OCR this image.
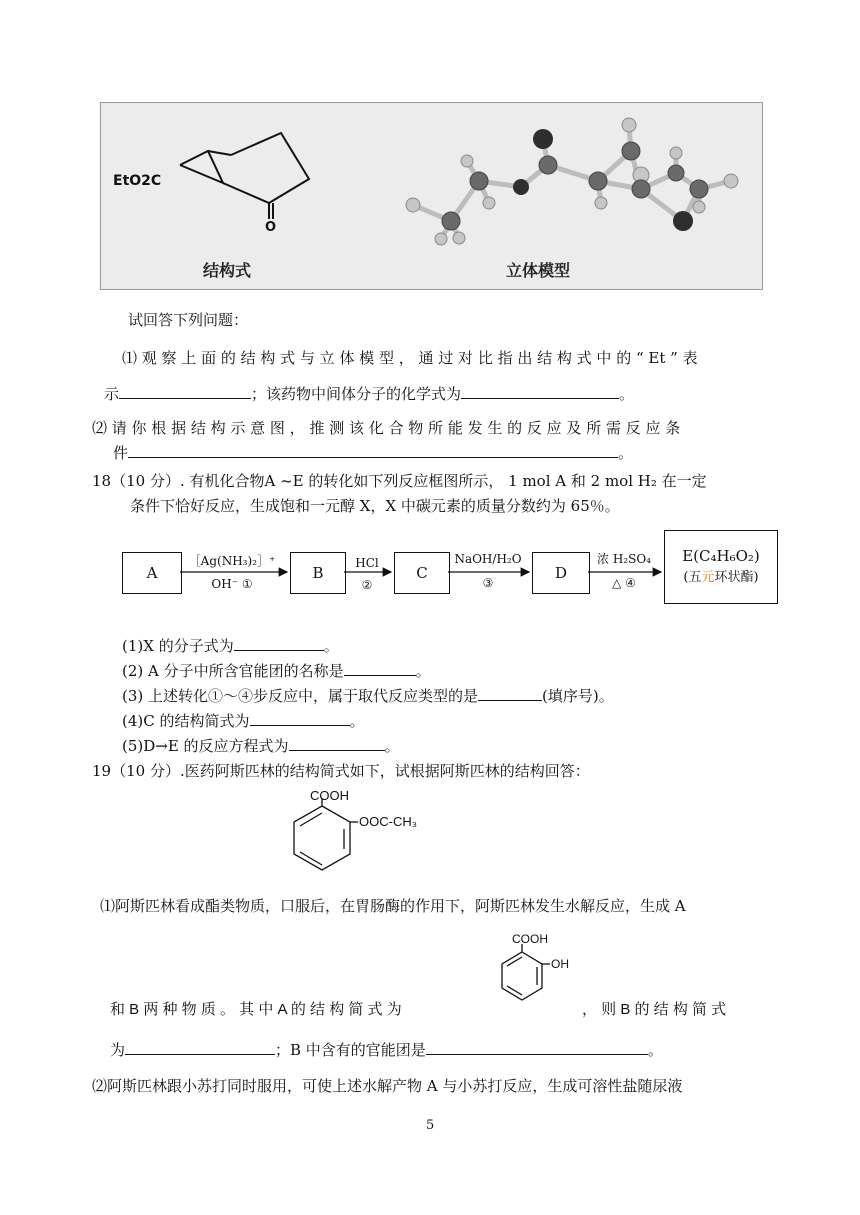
EtO2C
O
结构式	立体模型
试回答下列问题：
⑴ 观 察 上 面 的 结 构 式 与 立 体 模 型 ， 通 过 对 比 指 出 结 构 式 中 的 “ Et ” 表
示	；该药物中间体分子的化学式为	。
⑵ 请 你 根 据 结 构 示 意 图 ， 推 测 该 化 合 物 所 能 发 生 的 反 应 及 所 需 反 应 条
件	。
18（10 分）. 有机化合物A ~E 的转化如下列反应框图所示， 1 mol A 和 2 mol H₂ 在一定
条件下恰好反应，生成饱和一元醇 X，X 中碳元素的质量分数约为 65％。
A	B	C	D
E(C₄H₆O₂)
(五元环状酯)
［Ag(NH₃)₂］⁺
OH⁻ ①
HCl
②
NaOH/H₂O
③
浓 H₂SO₄
△ ④
(1)X 的分子式为	。
(2) A 分子中所含官能团的名称是	。
(3) 上述转化①～④步反应中，属于取代反应类型的是	(填序号)。
(4)C 的结构简式为	。
(5)D→E 的反应方程式为	。
19（10 分）.医药阿斯匹林的结构简式如下，试根据阿斯匹林的结构回答：
COOH
OOC-CH₃
⑴阿斯匹林看成酯类物质，口服后，在胃肠酶的作用下，阿斯匹林发生水解反应，生成 A
COOH
OH
和 B 两 种 物 质 。 其 中 A 的 结 构 简 式 为	， 则 B 的 结 构 简 式
为	；B 中含有的官能团是	。
⑵阿斯匹林跟小苏打同时服用，可使上述水解产物 A 与小苏打反应，生成可溶性盐随尿液
5
